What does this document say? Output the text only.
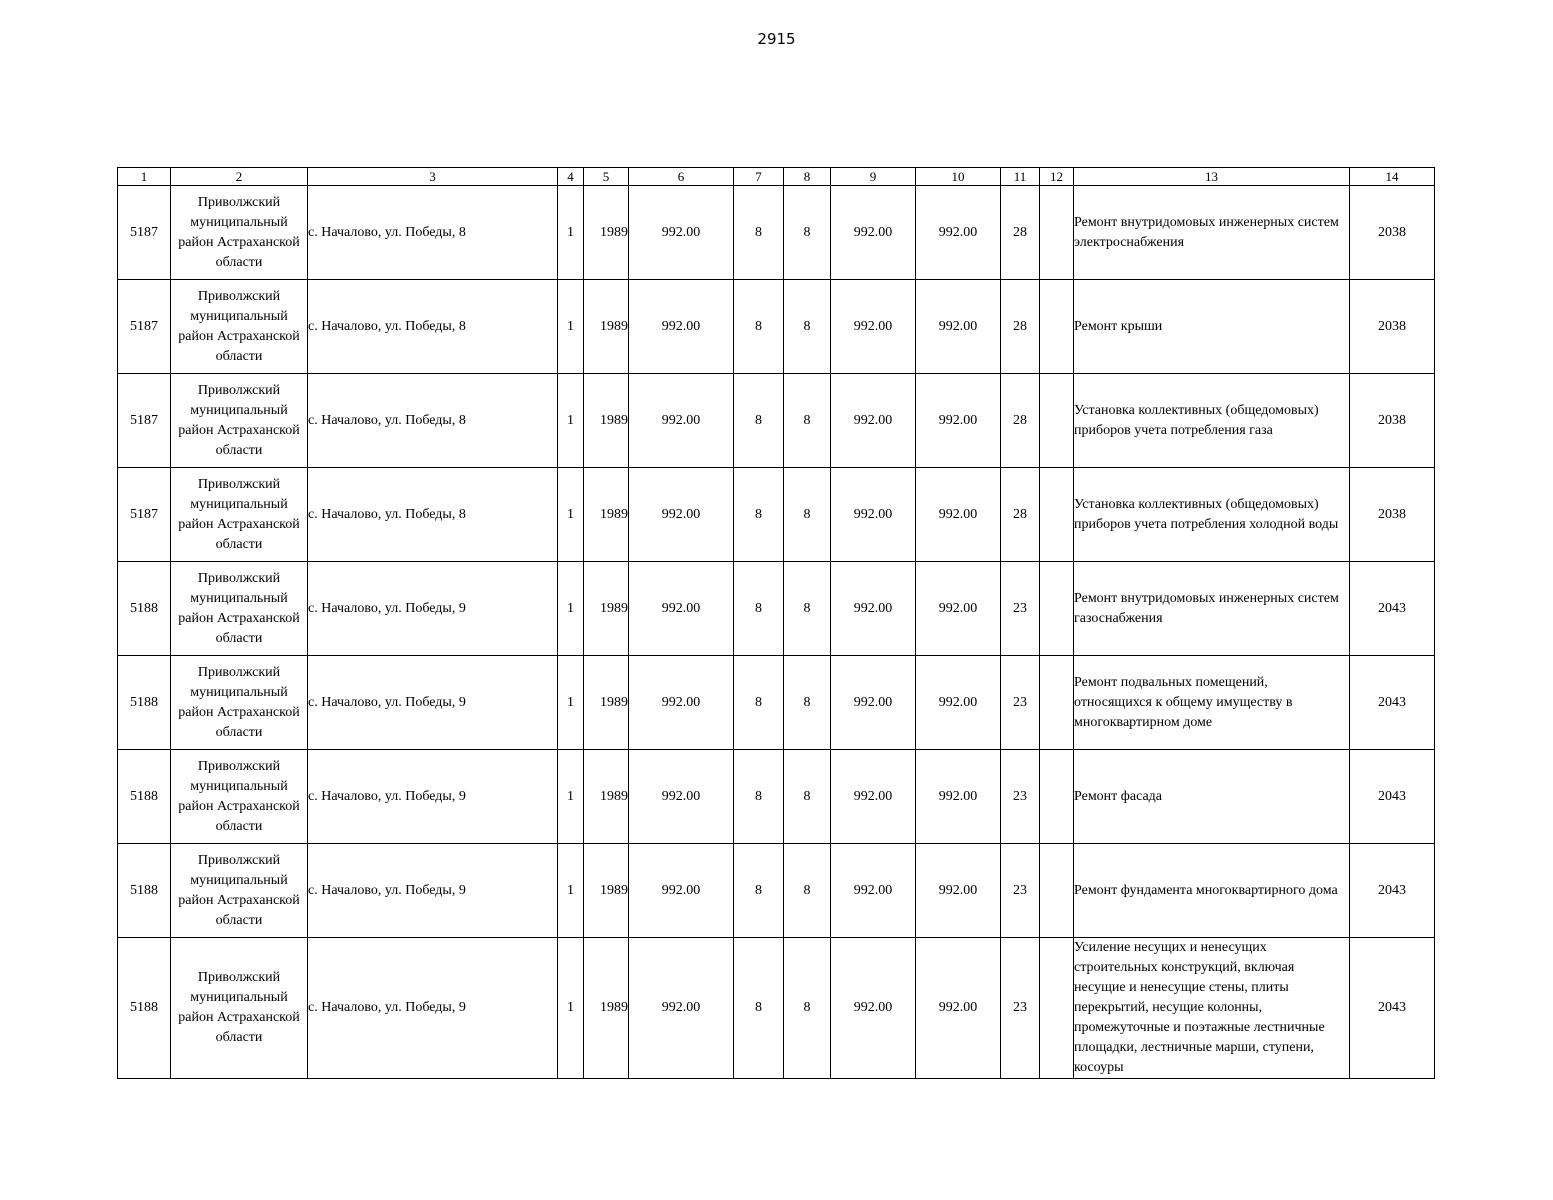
2915
1	2	3	4	5	6	7	8	9	10	11	12	13	14
5187	Приволжский муниципальный район Астраханской области	с. Началово, ул. Победы, 8	1	1989	992.00	8	8	992.00	992.00	28		Ремонт внутридомовых инженерных систем электроснабжения	2038
5187	Приволжский муниципальный район Астраханской области	с. Началово, ул. Победы, 8	1	1989	992.00	8	8	992.00	992.00	28		Ремонт крыши	2038
5187	Приволжский муниципальный район Астраханской области	с. Началово, ул. Победы, 8	1	1989	992.00	8	8	992.00	992.00	28		Установка коллективных (общедомовых) приборов учета потребления газа	2038
5187	Приволжский муниципальный район Астраханской области	с. Началово, ул. Победы, 8	1	1989	992.00	8	8	992.00	992.00	28		Установка коллективных (общедомовых) приборов учета потребления холодной воды	2038
5188	Приволжский муниципальный район Астраханской области	с. Началово, ул. Победы, 9	1	1989	992.00	8	8	992.00	992.00	23		Ремонт внутридомовых инженерных систем газоснабжения	2043
5188	Приволжский муниципальный район Астраханской области	с. Началово, ул. Победы, 9	1	1989	992.00	8	8	992.00	992.00	23		Ремонт подвальных помещений, относящихся к общему имуществу в многоквартирном доме	2043
5188	Приволжский муниципальный район Астраханской области	с. Началово, ул. Победы, 9	1	1989	992.00	8	8	992.00	992.00	23		Ремонт фасада	2043
5188	Приволжский муниципальный район Астраханской области	с. Началово, ул. Победы, 9	1	1989	992.00	8	8	992.00	992.00	23		Ремонт фундамента многоквартирного дома	2043
5188	Приволжский муниципальный район Астраханской области	с. Началово, ул. Победы, 9	1	1989	992.00	8	8	992.00	992.00	23		Усиление несущих и ненесущих строительных конструкций, включая несущие и ненесущие стены, плиты перекрытий, несущие колонны, промежуточные и поэтажные лестничные площадки, лестничные марши, ступени, косоуры	2043
